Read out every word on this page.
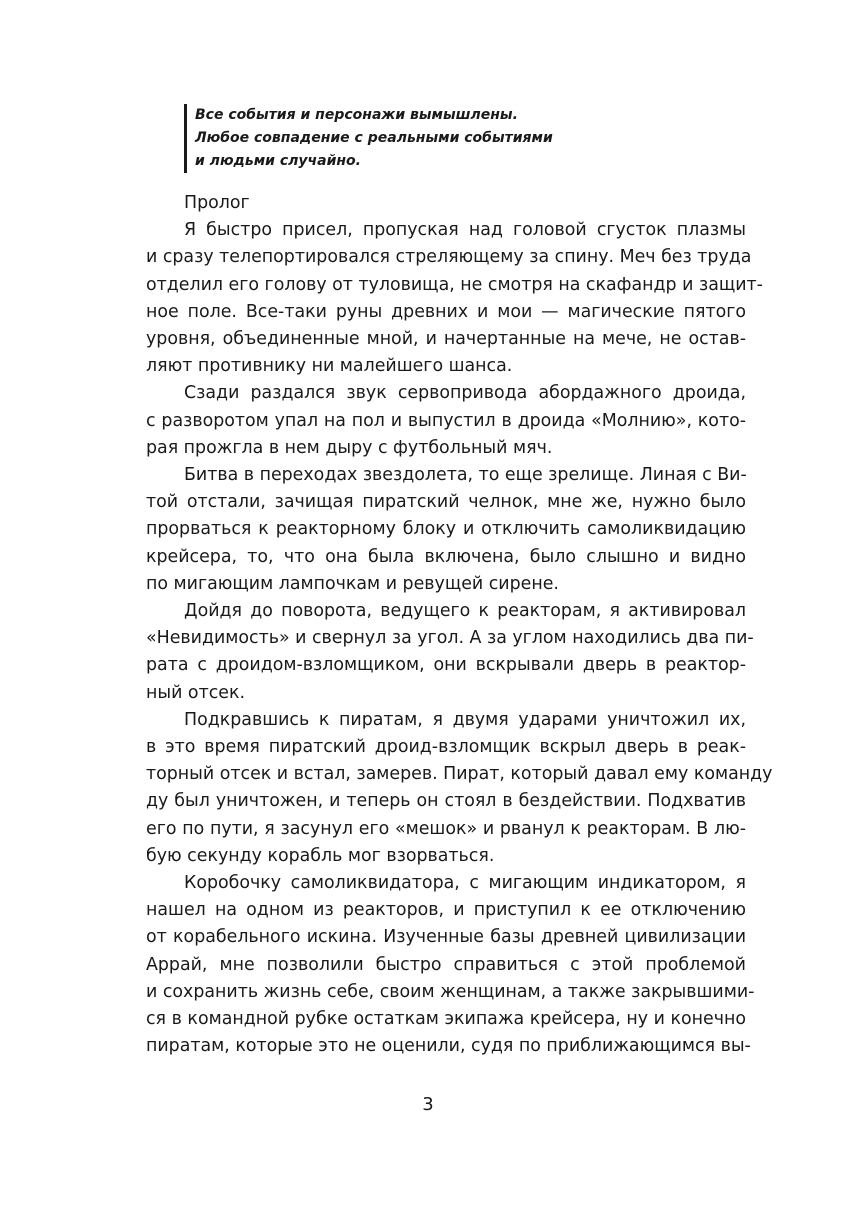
Все события и персонажи вымышлены.
Любое совпадение с реальными событиями
и людьми случайно.
Пролог

Я быстро присел, пропуская над головой сгусток плазмы
и сразу телепортировался стреляющему за спину. Меч без труда
отделил его голову от туловища, не смотря на скафандр и защит-
ное поле. Все-таки руны древних и мои — магические пятого
уровня, объединенные мной, и начертанные на мече, не остав-
ляют противнику ни малейшего шанса.

Сзади раздался звук сервопривода абордажного дроида,
с разворотом упал на пол и выпустил в дроида «Молнию», кото-
рая прожгла в нем дыру с футбольный мяч.

Битва в переходах звездолета, то еще зрелище. Линая с Ви-
той отстали, зачищая пиратский челнок, мне же, нужно было
прорваться к реакторному блоку и отключить самоликвидацию
крейсера, то, что она была включена, было слышно и видно
по мигающим лампочкам и ревущей сирене.

Дойдя до поворота, ведущего к реакторам, я активировал
«Невидимость» и свернул за угол. А за углом находились два пи-
рата с дроидом-взломщиком, они вскрывали дверь в реактор-
ный отсек.

Подкравшись к пиратам, я двумя ударами уничтожил их,
в это время пиратский дроид-взломщик вскрыл дверь в реак-
торный отсек и встал, замерев. Пират, который давал ему команду
ду был уничтожен, и теперь он стоял в бездействии. Подхватив
его по пути, я засунул его «мешок» и рванул к реакторам. В лю-
бую секунду корабль мог взорваться.

Коробочку самоликвидатора, с мигающим индикатором, я
нашел на одном из реакторов, и приступил к ее отключению
от корабельного искина. Изученные базы древней цивилизации
Аррай, мне позволили быстро справиться с этой проблемой
и сохранить жизнь себе, своим женщинам, а также закрывшими-
ся в командной рубке остаткам экипажа крейсера, ну и конечно
пиратам, которые это не оценили, судя по приближающимся вы-

3
